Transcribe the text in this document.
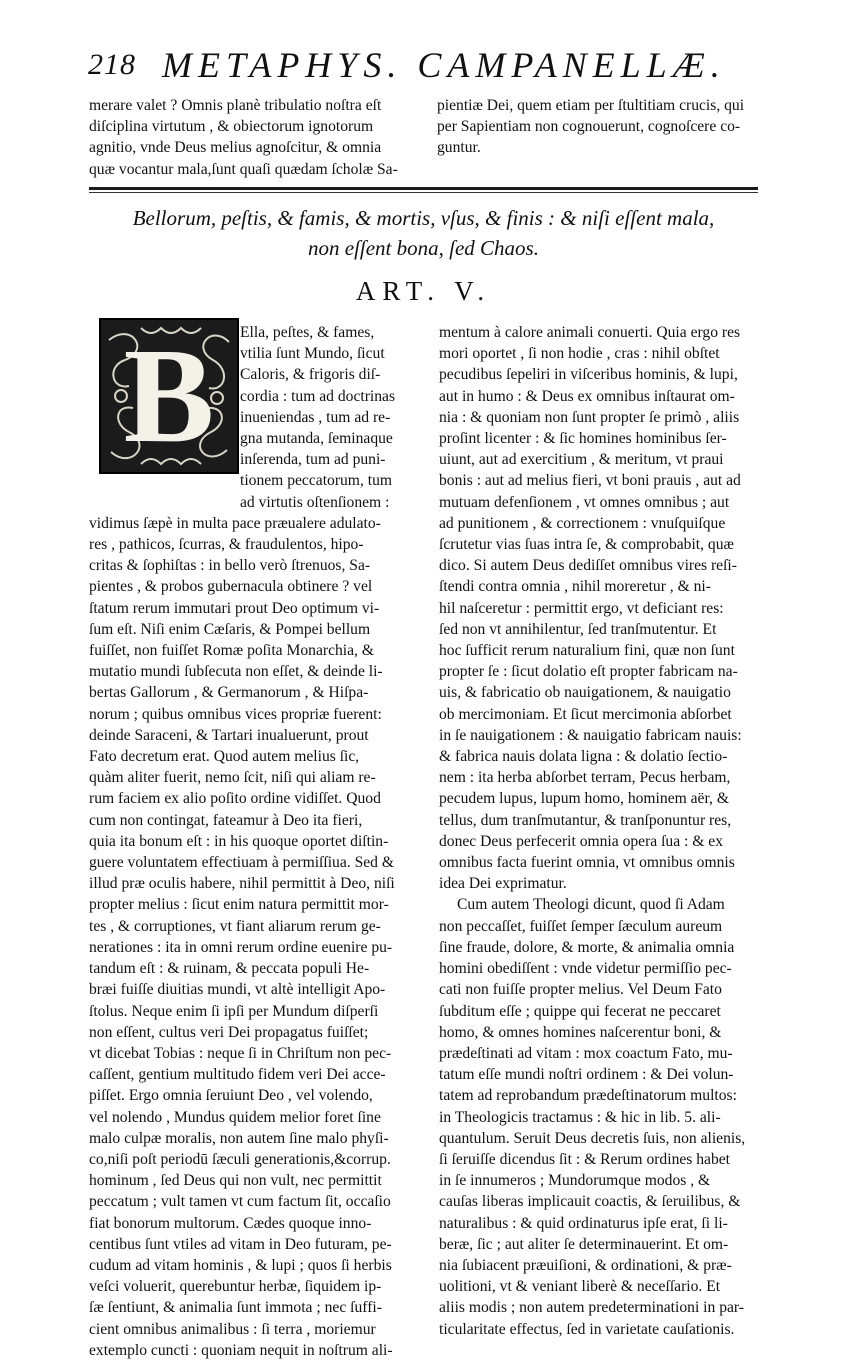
218 METAPHYS. CAMPANELLÆ.
merare valet ? Omnis planè tribulatio noſtra eſt
diſciplina virtutum , & obiectorum ignotorum
agnitio, vnde Deus melius agnoſcitur, & omnia
quæ vocantur mala,ſunt quaſi quædam ſcholæ Sa-
pientiæ Dei, quem etiam per ſtultitiam crucis, qui
per Sapientiam non cognouerunt, cognoſcere co-
guntur.
Bellorum, peſtis, & famis, & mortis, vſus, & finis : & niſi eſſent mala,
non eſſent bona, ſed Chaos.
ART. V.
B	Ella, peſtes, & fames,
vtilia ſunt Mundo, ſicut
Caloris, & frigoris diſ-
cordia : tum ad doctrinas
inueniendas , tum ad re-
gna mutanda, ſeminaque
inſerenda, tum ad puni-
tionem peccatorum, tum
ad virtutis oſtenſionem :
vidimus ſæpè in multa pace præualere adulato-
res , pathicos, ſcurras, & fraudulentos, hipo-
critas & ſophiſtas : in bello verò ſtrenuos, Sa-
pientes , & probos gubernacula obtinere ? vel
ſtatum rerum immutari prout Deo optimum vi-
ſum eſt. Niſi enim Cæſaris, & Pompei bellum
fuiſſet, non fuiſſet Romæ poſita Monarchia, &
mutatio mundi ſubſecuta non eſſet, & deinde li-
bertas Gallorum , & Germanorum , & Hiſpa-
norum ; quibus omnibus vices propriæ fuerent:
deinde Saraceni, & Tartari inualuerunt, prout
Fato decretum erat. Quod autem melius ſic,
quàm aliter fuerit, nemo ſcit, niſi qui aliam re-
rum faciem ex alio poſito ordine vidiſſet. Quod
cum non contingat, fateamur à Deo ita fieri,
quia ita bonum eſt : in his quoque oportet diſtin-
guere voluntatem effectiuam à permiſſiua. Sed &
illud præ oculis habere, nihil permittit à Deo, niſi
propter melius : ſicut enim natura permittit mor-
tes , & corruptiones, vt fiant aliarum rerum ge-
nerationes : ita in omni rerum ordine euenire pu-
tandum eſt : & ruinam, & peccata populi He-
bræi fuiſſe diuitias mundi, vt altè intelligit Apo-
ſtolus. Neque enim ſi ipſi per Mundum diſperſi
non eſſent, cultus veri Dei propagatus fuiſſet;
vt dicebat Tobias : neque ſi in Chriſtum non pec-
caſſent, gentium multitudo fidem veri Dei acce-
piſſet. Ergo omnia ſeruiunt Deo , vel volendo,
vel nolendo , Mundus quidem melior foret ſine
malo culpæ moralis, non autem ſine malo phyſi-
co,niſi poſt periodū ſæculi generationis,&corrup.
hominum , ſed Deus qui non vult, nec permittit
peccatum ; vult tamen vt cum factum ſit, occaſio
fiat bonorum multorum. Cædes quoque inno-
centibus ſunt vtiles ad vitam in Deo futuram, pe-
cudum ad vitam hominis , & lupi ; quos ſi herbis
veſci voluerit, querebuntur herbæ, ſiquidem ip-
ſæ ſentiunt, & animalia ſunt immota ; nec ſuffi-
cient omnibus animalibus : ſi terra , moriemur
extemplo cuncti : quoniam nequit in noſtrum ali-
mentum à calore animali conuerti. Quia ergo res
mori oportet , ſi non hodie , cras : nihil obſtet
pecudibus ſepeliri in viſceribus hominis, & lupi,
aut in humo : & Deus ex omnibus inſtaurat om-
nia : & quoniam non ſunt propter ſe primò , aliis
proſint licenter : & ſic homines hominibus ſer-
uiunt, aut ad exercitium , & meritum, vt praui
bonis : aut ad melius fieri, vt boni prauis , aut ad
mutuam defenſionem , vt omnes omnibus ; aut
ad punitionem , & correctionem : vnuſquiſque
ſcrutetur vias ſuas intra ſe, & comprobabit, quæ
dico. Si autem Deus dediſſet omnibus vires reſi-
ſtendi contra omnia , nihil moreretur , & ni-
hil naſceretur : permittit ergo, vt deficiant res:
ſed non vt annihilentur, ſed tranſmutentur. Et
hoc ſufficit rerum naturalium fini, quæ non ſunt
propter ſe : ſicut dolatio eſt propter fabricam na-
uis, & fabricatio ob nauigationem, & nauigatio
ob mercimoniam. Et ſicut mercimonia abſorbet
in ſe nauigationem : & nauigatio fabricam nauis:
& fabrica nauis dolata ligna : & dolatio ſectio-
nem : ita herba abſorbet terram, Pecus herbam,
pecudem lupus, lupum homo, hominem aër, &
tellus, dum tranſmutantur, & tranſponuntur res,
donec Deus perfecerit omnia opera ſua : & ex
omnibus facta fuerint omnia, vt omnibus omnis
idea Dei exprimatur.
Cum autem Theologi dicunt, quod ſi Adam
non peccaſſet, fuiſſet ſemper ſæculum aureum
ſine fraude, dolore, & morte, & animalia omnia
homini obediſſent : vnde videtur permiſſio pec-
cati non fuiſſe propter melius. Vel Deum Fato
ſubditum eſſe ; quippe qui fecerat ne peccaret
homo, & omnes homines naſcerentur boni, &
prædeſtinati ad vitam : mox coactum Fato, mu-
tatum eſſe mundi noſtri ordinem : & Dei volun-
tatem ad reprobandum prædeſtinatorum multos:
in Theologicis tractamus : & hic in lib. 5. ali-
quantulum. Seruit Deus decretis ſuis, non alienis,
ſi ſeruiſſe dicendus ſit : & Rerum ordines habet
in ſe innumeros ; Mundorumque modos , &
cauſas liberas implicauit coactis, & ſeruilibus, &
naturalibus : & quid ordinaturus ipſe erat, ſi li-
beræ, ſic ; aut aliter ſe determinauerint. Et om-
nia ſubiacent præuiſioni, & ordinationi, & præ-
uolitioni, vt & veniant liberè & neceſſario. Et
aliis modis ; non autem predeterminationi in par-
ticularitate effectus, ſed in varietate cauſationis.
